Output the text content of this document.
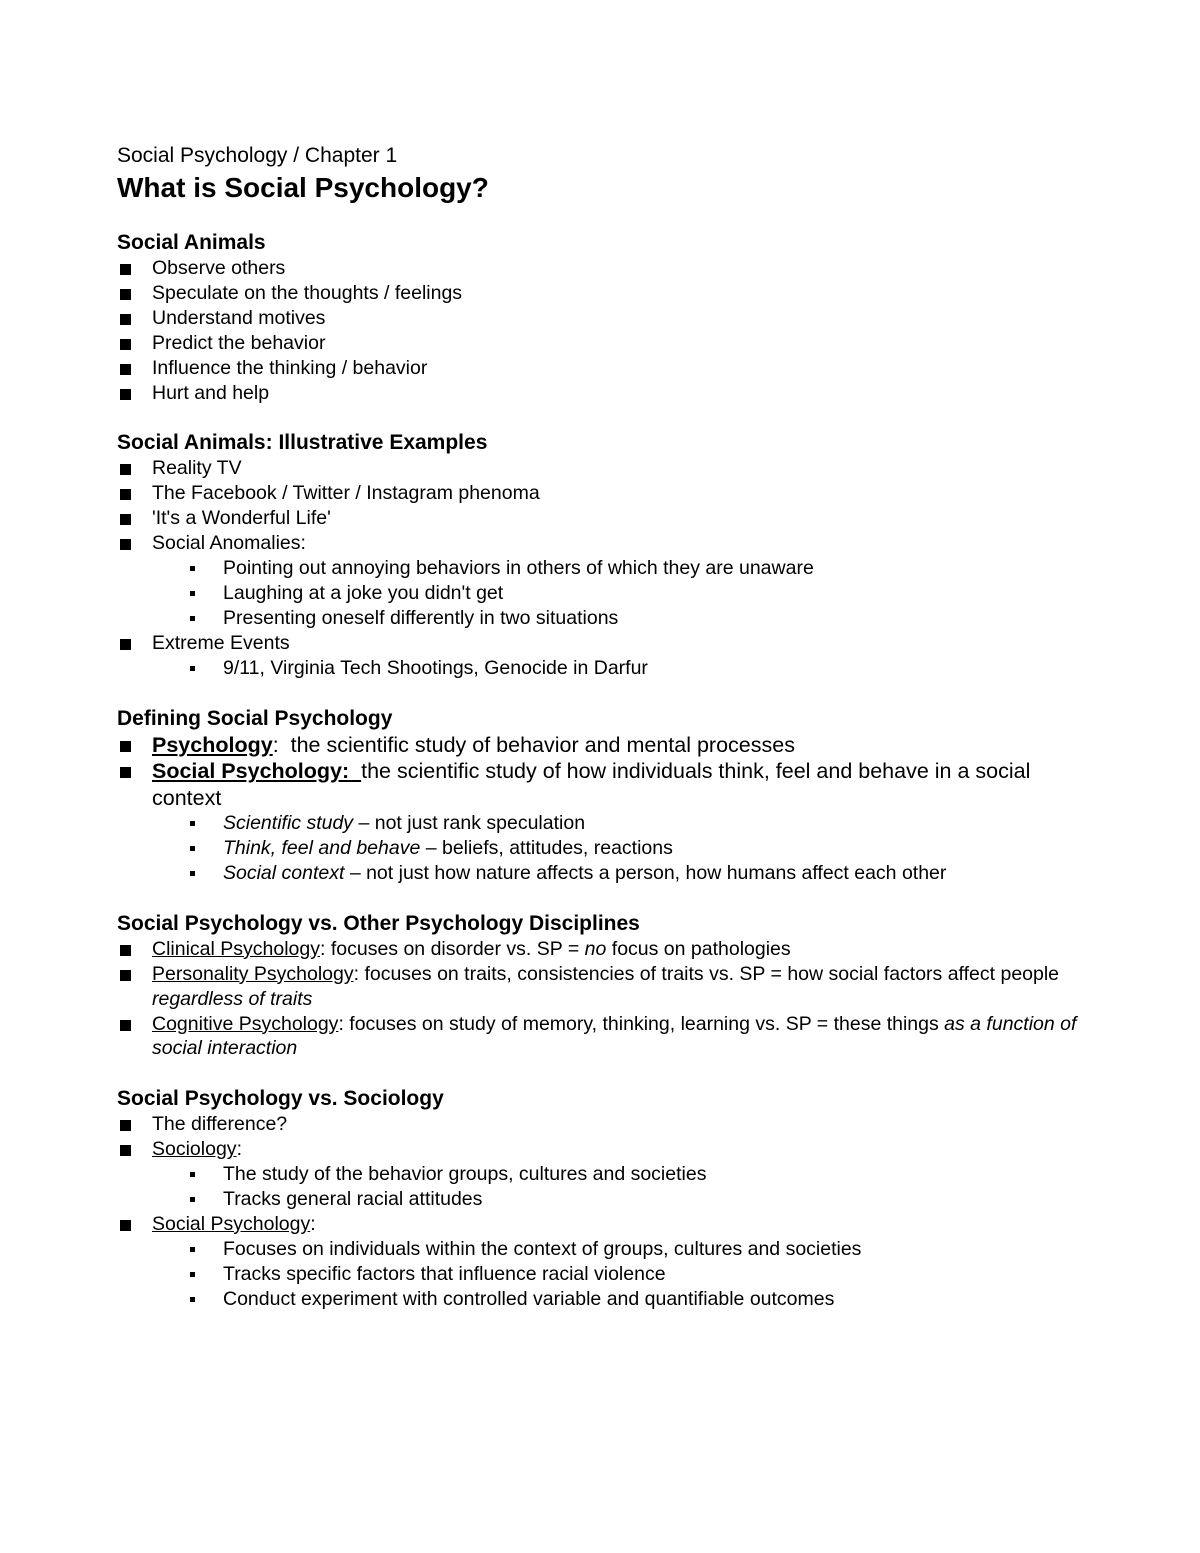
Social Psychology / Chapter 1
What is Social Psychology?
Social Animals
Observe others
Speculate on the thoughts / feelings
Understand motives
Predict the behavior
Influence the thinking / behavior
Hurt and help
Social Animals: Illustrative Examples
Reality TV
The Facebook / Twitter / Instagram phenoma
'It's a Wonderful Life'
Social Anomalies:
Pointing out annoying behaviors in others of which they are unaware
Laughing at a joke you didn't get
Presenting oneself differently in two situations
Extreme Events
9/11, Virginia Tech Shootings, Genocide in Darfur
Defining Social Psychology
Psychology:  the scientific study of behavior and mental processes
Social Psychology:  the scientific study of how individuals think, feel and behave in a social context
Scientific study – not just rank speculation
Think, feel and behave – beliefs, attitudes, reactions
Social context – not just how nature affects a person, how humans affect each other
Social Psychology vs. Other Psychology Disciplines
Clinical Psychology: focuses on disorder vs. SP = no focus on pathologies
Personality Psychology: focuses on traits, consistencies of traits vs. SP = how social factors affect people regardless of traits
Cognitive Psychology: focuses on study of memory, thinking, learning vs. SP = these things as a function of social interaction
Social Psychology vs. Sociology
The difference?
Sociology:
The study of the behavior groups, cultures and societies
Tracks general racial attitudes
Social Psychology:
Focuses on individuals within the context of groups, cultures and societies
Tracks specific factors that influence racial violence
Conduct experiment with controlled variable and quantifiable outcomes
